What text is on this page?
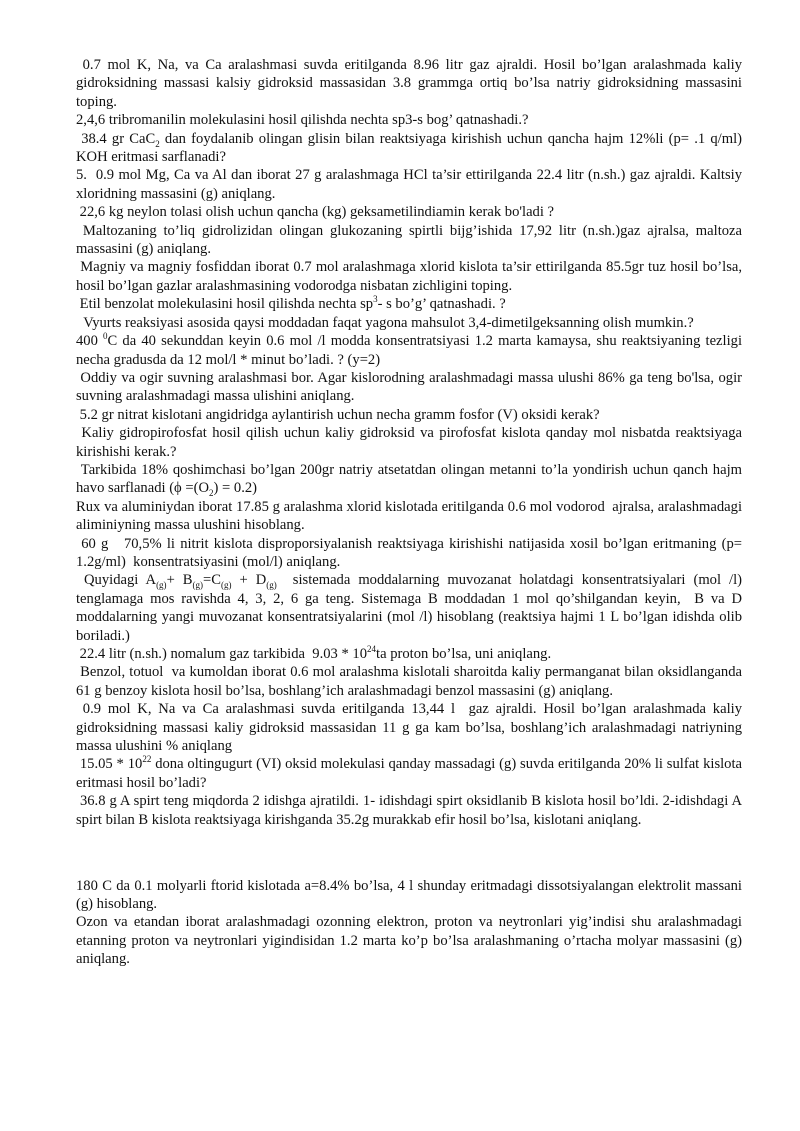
0.7 mol K, Na, va Ca aralashmasi suvda eritilganda 8.96 litr gaz ajraldi. Hosil bo’lgan aralashmada kaliy gidroksidning massasi kalsiy gidroksid massasidan 3.8 grammga ortiq bo’lsa natriy gidroksidning massasini toping.

2,4,6 tribromanilin molekulasini hosil qilishda nechta sp3-s bog’ qatnashadi.?

38.4 gr CaC$_2$ dan foydalanib olingan glisin bilan reaktsiyaga kirishish uchun qancha hajm 12%li (p= .1 q/ml) KOH eritmasi sarflanadi?

5.  0.9 mol Mg, Ca va Al dan iborat 27 g aralashmaga HCl ta’sir ettirilganda 22.4 litr (n.sh.) gaz ajraldi. Kaltsiy xloridning massasini (g) aniqlang.

22,6 kg neylon tolasi olish uchun qancha (kg) geksametilindiamin kerak bo'ladi ?

Maltozaning to’liq gidrolizidan olingan glukozaning spirtli bijg’ishida 17,92 litr (n.sh.)gaz ajralsa, maltoza massasini (g) aniqlang.

Magniy va magniy fosfiddan iborat 0.7 mol aralashmaga xlorid kislota ta’sir ettirilganda 85.5gr tuz hosil bo’lsa, hosil bo’lgan gazlar aralashmasining vodorodga nisbatan zichligini toping.

Etil benzolat molekulasini hosil qilishda nechta $sp^3-$ s bo’g’ qatnashadi. ?

Vyurts reaksiyasi asosida qaysi moddadan faqat yagona mahsulot 3,4-dimetilgeksanning olish mumkin.?

400 $^0$C da 40 sekunddan keyin 0.6 mol /l modda konsentratsiyasi 1.2 marta kamaysa, shu reaktsiyaning tezligi necha gradusda da 12 mol/l * minut bo’ladi. ? (y=2)

Oddiy va ogir suvning aralashmasi bor. Agar kislorodning aralashmadagi massa ulushi 86% ga teng bo'lsa, ogir suvning aralashmadagi massa ulishini aniqlang.

5.2 gr nitrat kislotani angidridga aylantirish uchun necha gramm fosfor (V) oksidi kerak?

Kaliy gidropirofosfat hosil qilish uchun kaliy gidroksid va pirofosfat kislota qanday mol nisbatda reaktsiyaga kirishishi kerak.?

Tarkibida 18% qoshimchasi bo’lgan 200gr natriy atsetatdan olingan metanni to’la yondirish uchun qanch hajm havo sarflanadi $(\phi =(O_2) = 0.2)$

Rux va aluminiydan iborat 17.85 g aralashma xlorid kislotada eritilganda 0.6 mol vodorod  ajralsa, aralashmadagi aliminiyning massa ulushini hisoblang.

60 g   70,5% li nitrit kislota disproporsiyalanish reaktsiyaga kirishishi natijasida xosil bo’lgan eritmaning (p= 1.2g/ml)  konsentratsiyasini (mol/l) aniqlang.

Quyidagi $A_{(g)}+ B_{(g)}=C_{(g)} + D_{(g)}$  sistemada moddalarning muvozanat holatdagi konsentratsiyalari (mol /l) tenglamaga mos ravishda 4, 3, 2, 6 ga teng. Sistemaga B moddadan 1 mol qo’shilgandan keyin,  B va D moddalarning yangi muvozanat konsentratsiyalarini (mol /l) hisoblang (reaktsiya hajmi 1 L bo’lgan idishda olib boriladi.)

22.4 litr (n.sh.) nomalum gaz tarkibida  $9.03 * 10^{24}ta$ proton bo’lsa, uni aniqlang.

Benzol, totuol  va kumoldan iborat 0.6 mol aralashma kislotali sharoitda kaliy permanganat bilan oksidlanganda 61 g benzoy kislota hosil bo’lsa, boshlang’ich aralashmadagi benzol massasini (g) aniqlang.

0.9 mol K, Na va Ca aralashmasi suvda eritilganda 13,44 l  gaz ajraldi. Hosil bo’lgan aralashmada kaliy gidroksidning massasi kaliy gidroksid massasidan 11 g ga kam bo’lsa, boshlang’ich aralashmadagi natriyning massa ulushini % aniqlang

$15.05 * 10^{22}$ dona oltingugurt (VI) oksid molekulasi qanday massadagi (g) suvda eritilganda 20% li sulfat kislota eritmasi hosil bo’ladi?

36.8 g A spirt teng miqdorda 2 idishga ajratildi. 1- idishdagi spirt oksidlanib B kislota hosil bo’ldi. 2-idishdagi A spirt bilan B kislota reaktsiyaga kirishganda 35.2g murakkab efir hosil bo’lsa, kislotani aniqlang.

180 C da 0.1 molyarli ftorid kislotada a=8.4% bo’lsa, 4 l shunday eritmadagi dissotsiyalangan elektrolit massani (g) hisoblang.

Ozon va etandan iborat aralashmadagi ozonning elektron, proton va neytronlari yig’indisi shu aralashmadagi etanning proton va neytronlari yigindisidan 1.2 marta ko’p bo’lsa aralashmaning o’rtacha molyar massasini (g) aniqlang.
